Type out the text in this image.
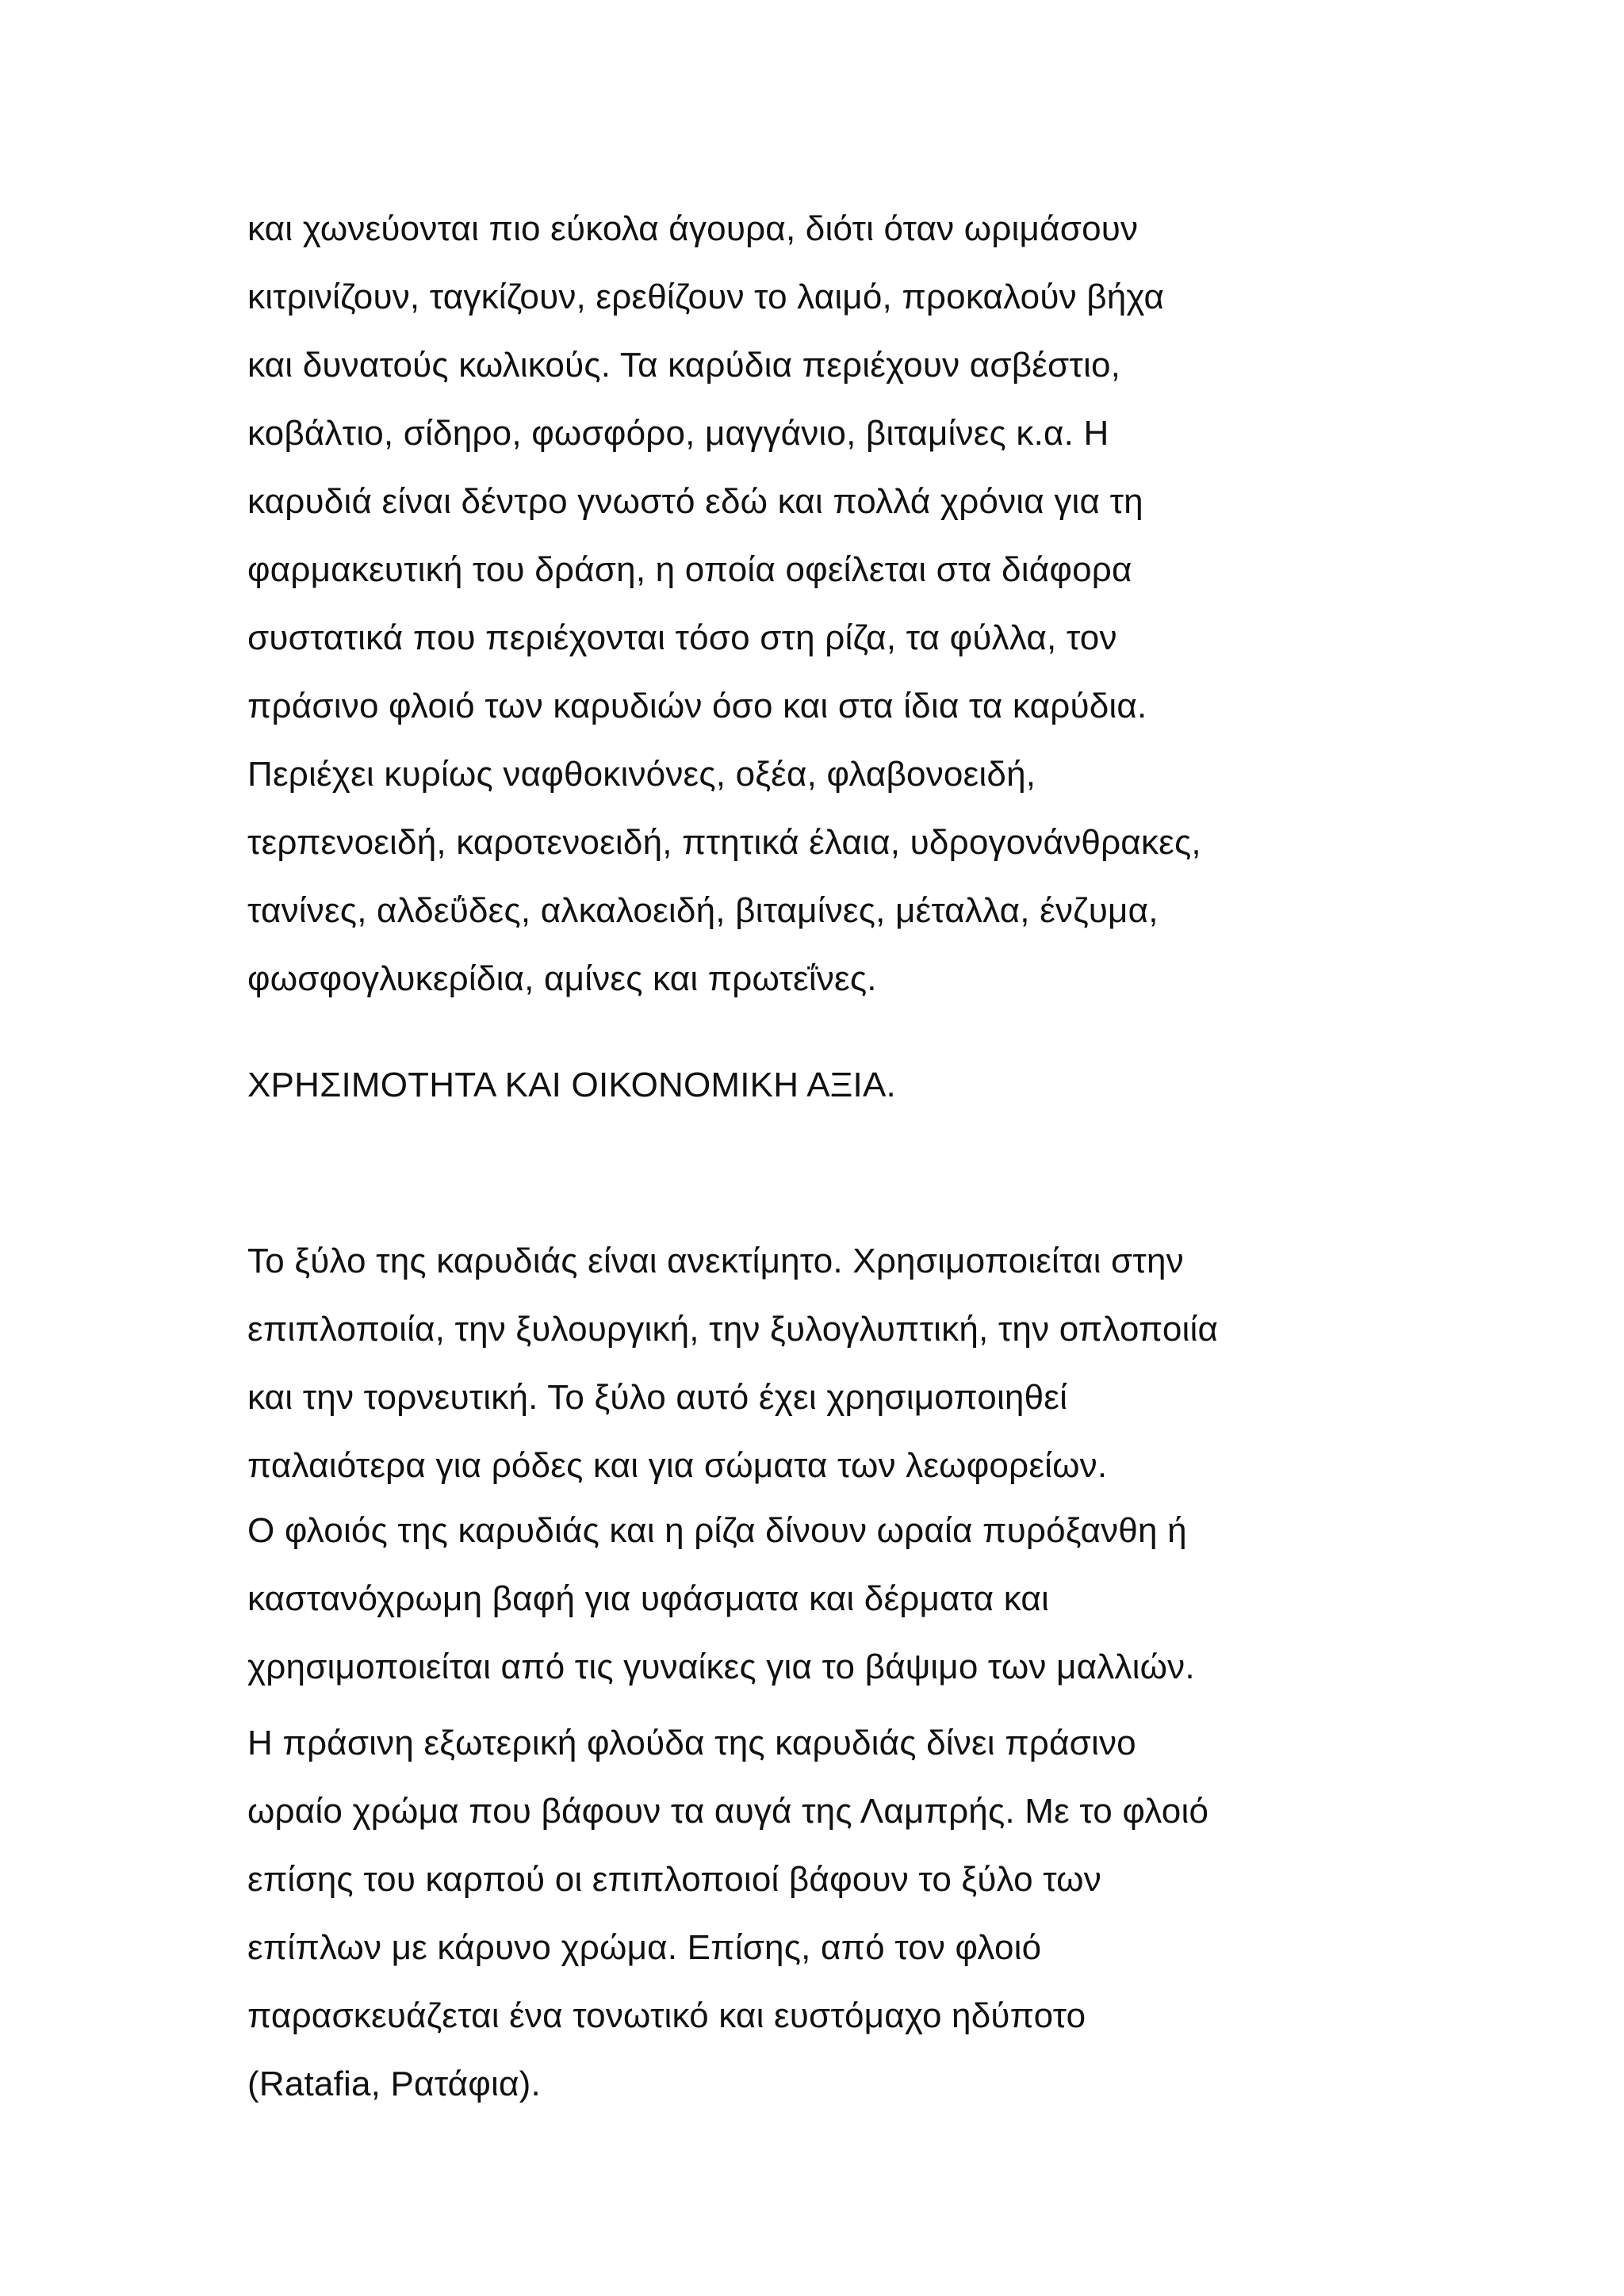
και χωνεύονται πιο εύκολα άγουρα, διότι όταν ωριμάσουν
κιτρινίζουν, ταγκίζουν, ερεθίζουν το λαιμό, προκαλούν βήχα
και δυνατούς κωλικούς. Τα καρύδια περιέχουν ασβέστιο,
κοβάλτιο, σίδηρο, φωσφόρο, μαγγάνιο, βιταμίνες κ.α. Η
καρυδιά είναι δέντρο γνωστό εδώ και πολλά χρόνια για τη
φαρμακευτική του δράση, η οποία οφείλεται στα διάφορα
συστατικά που περιέχονται τόσο στη ρίζα, τα φύλλα, τον
πράσινο φλοιό των καρυδιών όσο και στα ίδια τα καρύδια.
Περιέχει κυρίως ναφθοκινόνες, οξέα, φλαβονοειδή,
τερπενοειδή, καροτενοειδή, πτητικά έλαια, υδρογονάνθρακες,
τανίνες, αλδεΰδες, αλκαλοειδή, βιταμίνες, μέταλλα, ένζυμα,
φωσφογλυκερίδια, αμίνες και πρωτεΐνες.
ΧΡΗΣΙΜΟΤΗΤΑ ΚΑΙ ΟΙΚΟΝΟΜΙΚΗ ΑΞΙΑ.
Το ξύλο της καρυδιάς είναι ανεκτίμητο. Χρησιμοποιείται στην
επιπλοποιία, την ξυλουργική, την ξυλογλυπτική, την οπλοποιία
και την τορνευτική. Το ξύλο αυτό έχει χρησιμοποιηθεί
παλαιότερα για ρόδες και για σώματα των λεωφορείων.
Ο φλοιός της καρυδιάς και η ρίζα δίνουν ωραία πυρόξανθη ή
καστανόχρωμη βαφή για υφάσματα και δέρματα και
χρησιμοποιείται από τις γυναίκες για το βάψιμο των μαλλιών.
Η πράσινη εξωτερική φλούδα της καρυδιάς δίνει πράσινο
ωραίο χρώμα που βάφουν τα αυγά της Λαμπρής. Με το φλοιό
επίσης του καρπού οι επιπλοποιοί βάφουν το ξύλο των
επίπλων με κάρυνο χρώμα. Επίσης, από τον φλοιό
παρασκευάζεται ένα τονωτικό και ευστόμαχο ηδύποτο
(Ratafia, Ρατάφια).
